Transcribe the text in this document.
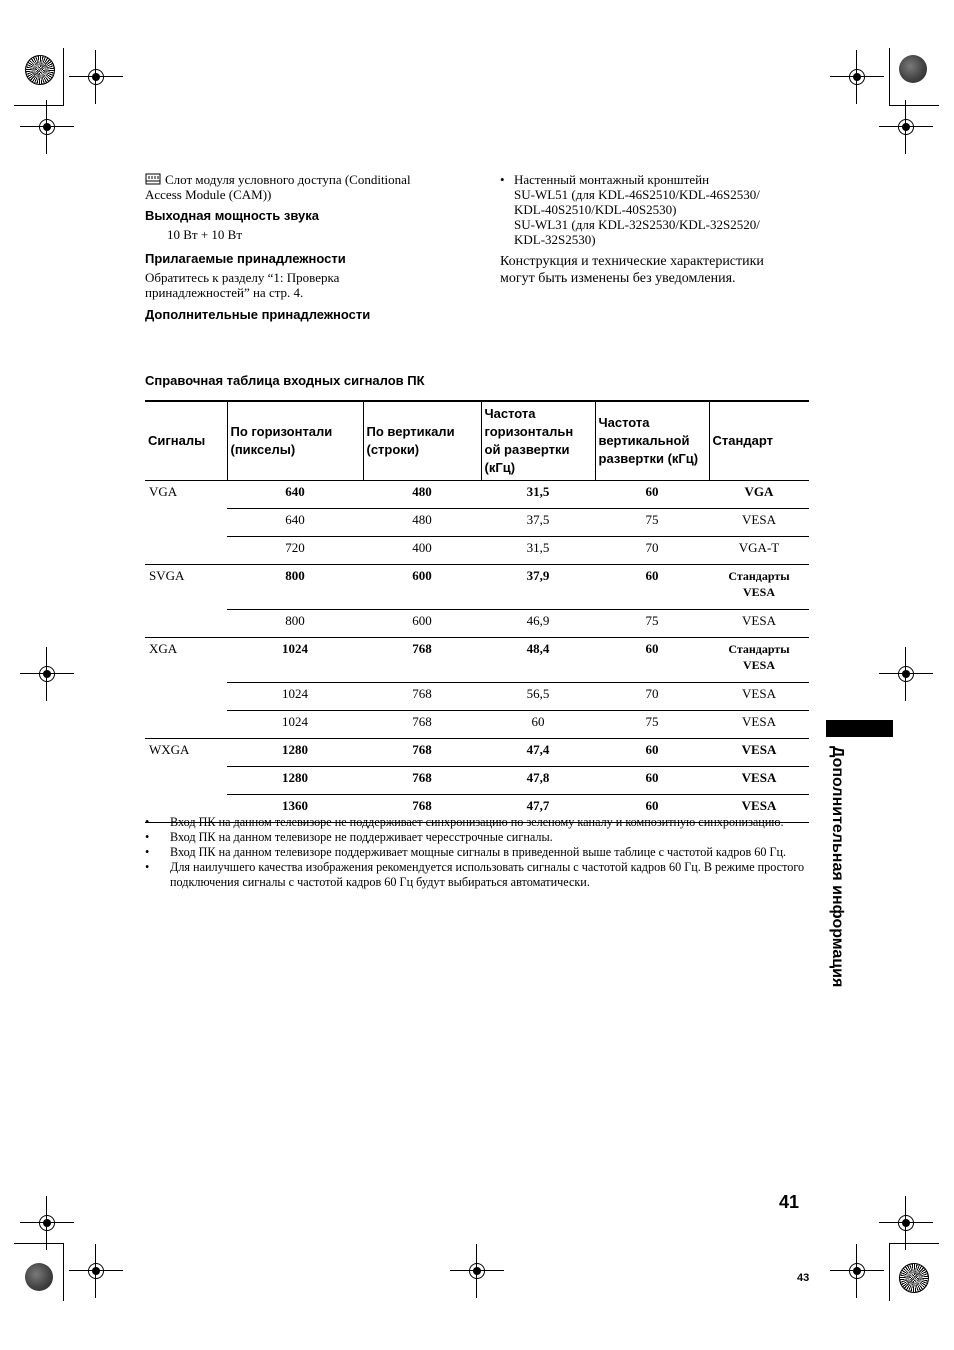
Слот модуля условного доступа (Conditional Access Module (CAM))
Выходная мощность звука
10 Вт + 10 Вт
Прилагаемые принадлежности
Обратитесь к разделу “1: Проверка принадлежностей” на стр. 4.
Дополнительные принадлежности
• Настенный монтажный кронштейн
SU-WL51 (для KDL-46S2510/KDL-46S2530/
KDL-40S2510/KDL-40S2530)
SU-WL31 (для KDL-32S2530/KDL-32S2520/
KDL-32S2530)
Конструкция и технические характеристики могут быть изменены без уведомления.
Справочная таблица входных сигналов ПК
Сигналы	По горизонтали (пикселы)	По вертикали (строки)	Частота горизонтальн ой развертки (кГц)	Частота вертикальной развертки (кГц)	Стандарт
VGA	640	480	31,5	60	VGA
	640	480	37,5	75	VESA
	720	400	31,5	70	VGA-T
SVGA	800	600	37,9	60	Стандарты VESA
	800	600	46,9	75	VESA
XGA	1024	768	48,4	60	Стандарты VESA
	1024	768	56,5	70	VESA
	1024	768	60	75	VESA
WXGA	1280	768	47,4	60	VESA
	1280	768	47,8	60	VESA
	1360	768	47,7	60	VESA
•	Вход ПК на данном телевизоре не поддерживает синхронизацию по зеленому каналу и композитную синхронизацию.
•	Вход ПК на данном телевизоре не поддерживает чересстрочные сигналы.
•	Вход ПК на данном телевизоре поддерживает мощные сигналы в приведенной выше таблице с частотой кадров 60 Гц.
•	Для наилучшего качества изображения рекомендуется использовать сигналы с частотой кадров 60 Гц. В режиме простого подключения сигналы с частотой кадров 60 Гц будут выбираться автоматически.	Дополнительная информация
41
43
